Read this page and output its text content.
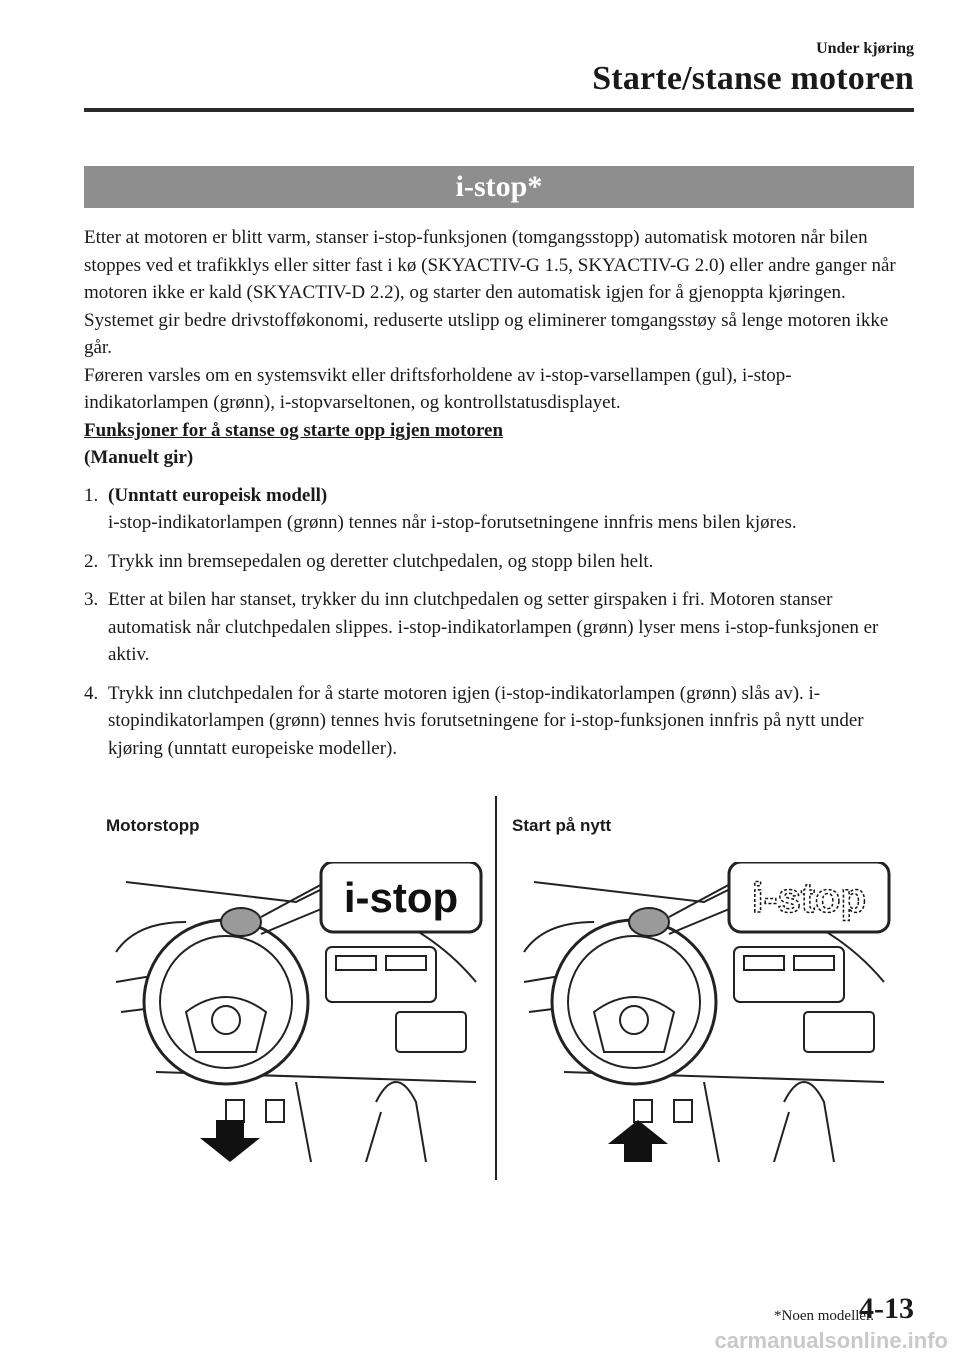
Under kjøring
Starte/stanse motoren
i-stop*

Etter at motoren er blitt varm, stanser i-stop-funksjonen (tomgangsstopp) automatisk motoren når bilen stoppes ved et trafikklys eller sitter fast i kø (SKYACTIV-G 1.5, SKYACTIV-G 2.0) eller andre ganger når motoren ikke er kald (SKYACTIV-D 2.2), og starter den automatisk igjen for å gjenoppta kjøringen. Systemet gir bedre drivstofføkonomi, reduserte utslipp og eliminerer tomgangsstøy så lenge motoren ikke går.

Føreren varsles om en systemsvikt eller driftsforholdene av i-stop-varsellampen (gul), i-stop-indikatorlampen (grønn), i-stopvarseltonen, og kontrollstatusdisplayet.

Funksjoner for å stanse og starte opp igjen motoren

(Manuelt gir)

1. (Unntatt europeisk modell)
i-stop-indikatorlampen (grønn) tennes når i-stop-forutsetningene innfris mens bilen kjøres.
2. Trykk inn bremsepedalen og deretter clutchpedalen, og stopp bilen helt.
3. Etter at bilen har stanset, trykker du inn clutchpedalen og setter girspaken i fri. Motoren stanser automatisk når clutchpedalen slippes. i-stop-indikatorlampen (grønn) lyser mens i-stop-funksjonen er aktiv.
4. Trykk inn clutchpedalen for å starte motoren igjen (i-stop-indikatorlampen (grønn) slås av). i-stopindikatorlampen (grønn) tennes hvis forutsetningene for i-stop-funksjonen innfris på nytt under kjøring (unntatt europeiske modeller).
Motorstopp	Start på nytt
i-stop	i-stop
*Noen modeller.
4-13
carmanualsonline.info
